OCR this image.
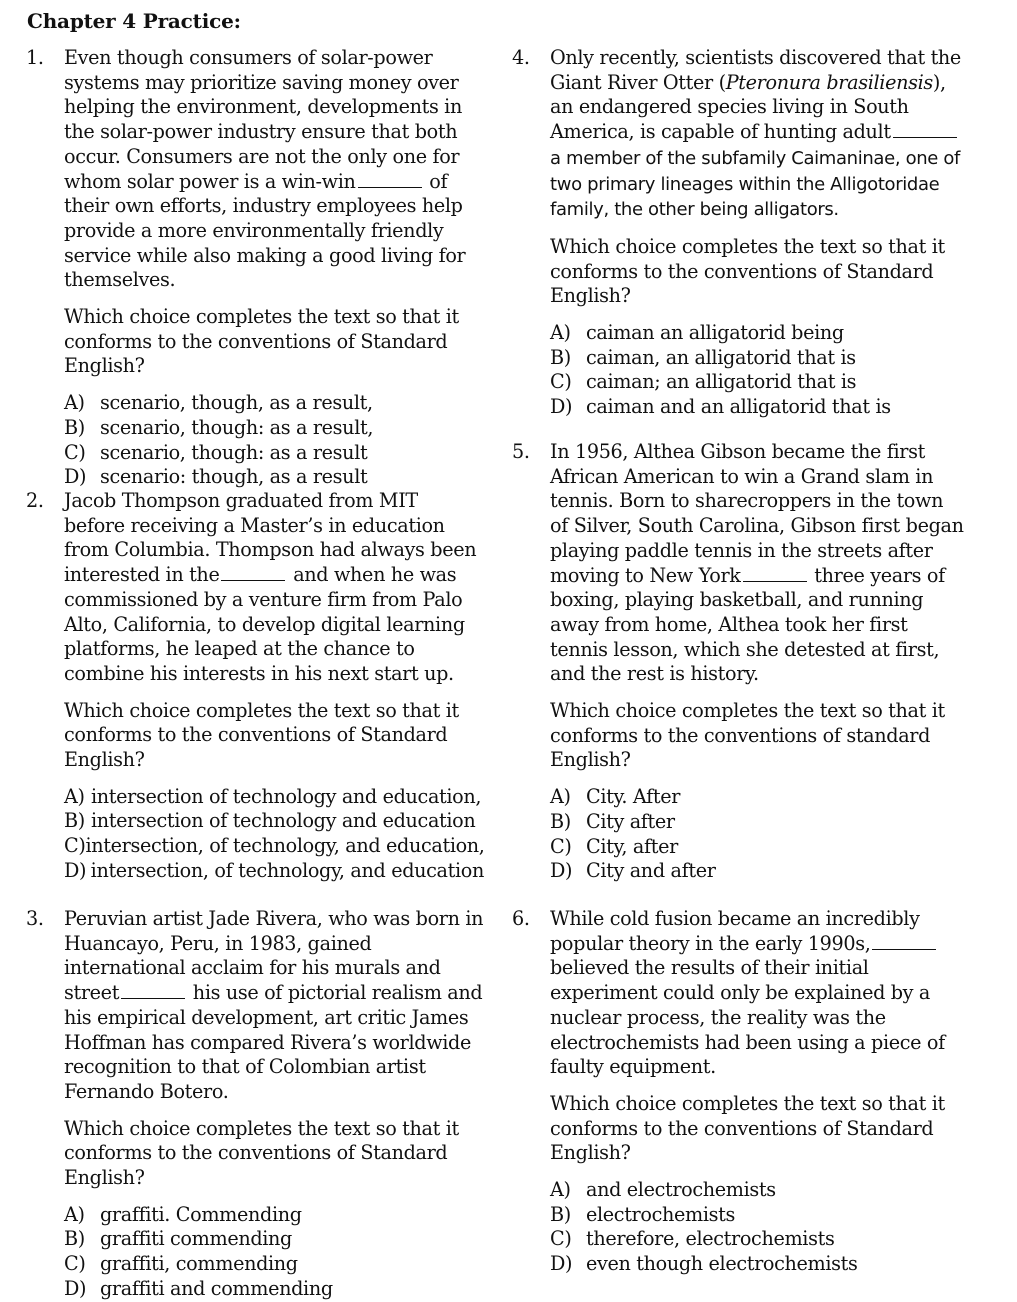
Chapter 4 Practice:
1. Even though consumers of solar-power systems may prioritize saving money over helping the environment, developments in the solar-power industry ensure that both occur. Consumers are not the only one for whom solar power is a win-win	of their own efforts, industry employees help provide a more environmentally friendly service while also making a good living for themselves.

Which choice completes the text so that it conforms to the conventions of Standard English?
A) scenario, though, as a result,
B) scenario, though: as a result,
C) scenario, though: as a result
D) scenario: though, as a result
2. Jacob Thompson graduated from MIT before receiving a Master’s in education from Columbia. Thompson had always been interested in the	and when he was commissioned by a venture firm from Palo Alto, California, to develop digital learning platforms, he leaped at the chance to combine his interests in his next start up.

Which choice completes the text so that it conforms to the conventions of Standard English?
A) intersection of technology and education,
B) intersection of technology and education
C) intersection, of technology, and education,
D) intersection, of technology, and education
3. Peruvian artist Jade Rivera, who was born in Huancayo, Peru, in 1983, gained international acclaim for his murals and street	his use of pictorial realism and his empirical development, art critic James Hoffman has compared Rivera’s worldwide recognition to that of Colombian artist Fernando Botero.

Which choice completes the text so that it conforms to the conventions of Standard English?
A) graffiti. Commending
B) graffiti commending
C) graffiti, commending
D) graffiti and commending
4. Only recently, scientists discovered that the Giant River Otter (Pteronura brasiliensis), an endangered species living in South America, is capable of hunting adult a member of the subfamily Caimaninae, one of two primary lineages within the Alligotoridae family, the other being alligators.

Which choice completes the text so that it conforms to the conventions of Standard English?
A) caiman an alligatorid being
B) caiman, an alligatorid that is
C) caiman; an alligatorid that is
D) caiman and an alligatorid that is
5. In 1956, Althea Gibson became the first African American to win a Grand slam in tennis. Born to sharecroppers in the town of Silver, South Carolina, Gibson first began playing paddle tennis in the streets after moving to New York	three years of boxing, playing basketball, and running away from home, Althea took her first tennis lesson, which she detested at first, and the rest is history.

Which choice completes the text so that it conforms to the conventions of standard English?
A) City. After
B) City after
C) City, after
D) City and after
6. While cold fusion became an incredibly popular theory in the early 1990s, believed the results of their initial experiment could only be explained by a nuclear process, the reality was the electrochemists had been using a piece of faulty equipment.

Which choice completes the text so that it conforms to the conventions of Standard English?
A) and electrochemists
B) electrochemists
C) therefore, electrochemists
D) even though electrochemists
